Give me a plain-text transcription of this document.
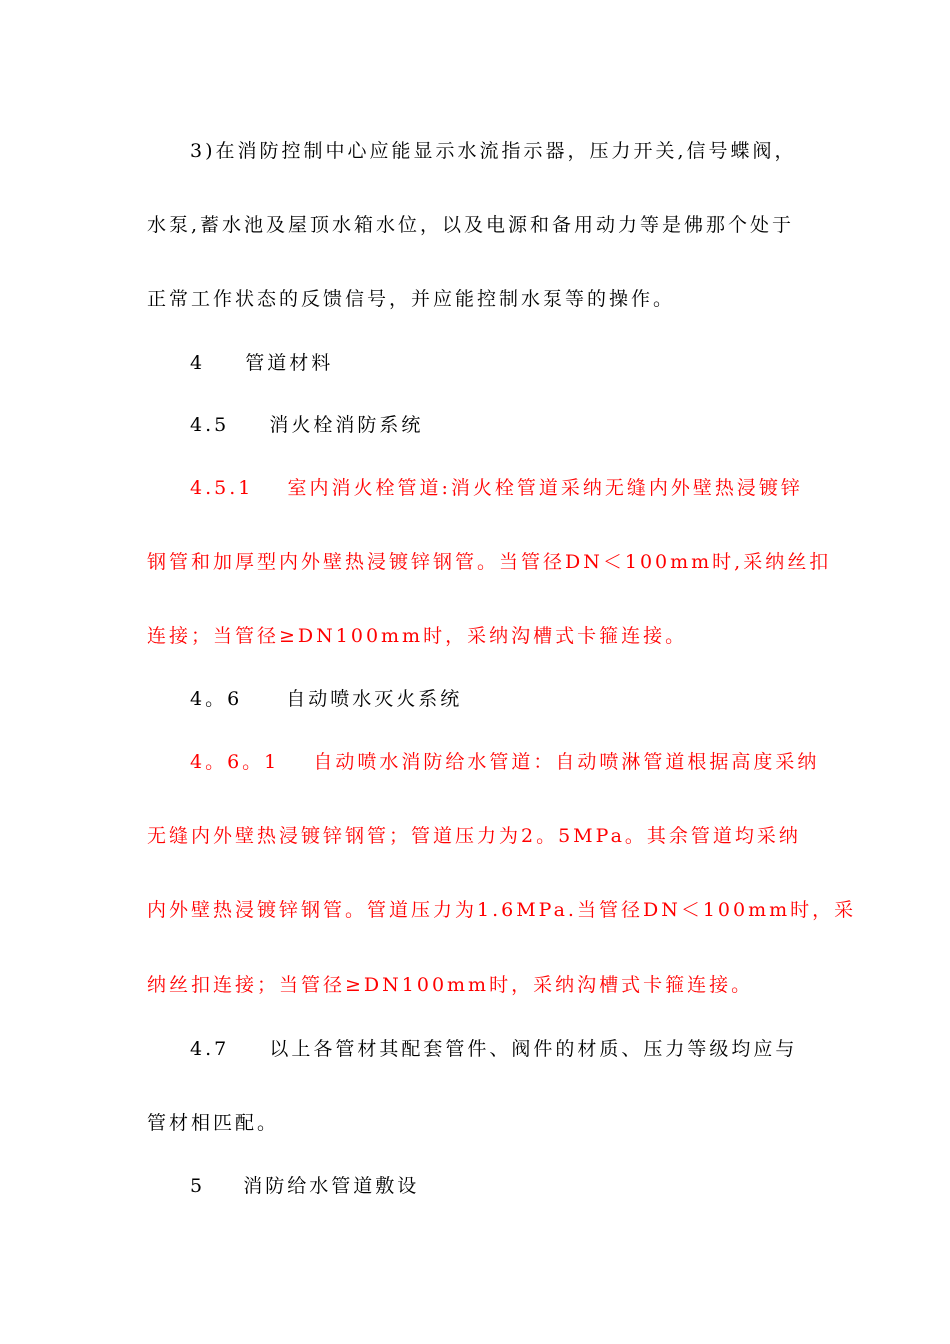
3)在消防控制中心应能显示水流指示器，压力开关,信号蝶阀，
水泵,蓄水池及屋顶水箱水位，以及电源和备用动力等是佛那个处于
正常工作状态的反馈信号，并应能控制水泵等的操作。
4 管道材料
4.5 消火栓消防系统
4.5.1 室内消火栓管道:消火栓管道采纳无缝内外壁热浸镀锌
钢管和加厚型内外壁热浸镀锌钢管。当管径DN＜100mm时,采纳丝扣
连接；当管径≥DN100mm时，采纳沟槽式卡箍连接。
4。6 自动喷水灭火系统
4。6。1 自动喷水消防给水管道：自动喷淋管道根据高度采纳
无缝内外壁热浸镀锌钢管；管道压力为2。5MPa。其余管道均采纳
内外壁热浸镀锌钢管。管道压力为1.6MPa.当管径DN＜100mm时，采
纳丝扣连接；当管径≥DN100mm时，采纳沟槽式卡箍连接。
4.7 以上各管材其配套管件、阀件的材质、压力等级均应与
管材相匹配。
5 消防给水管道敷设
